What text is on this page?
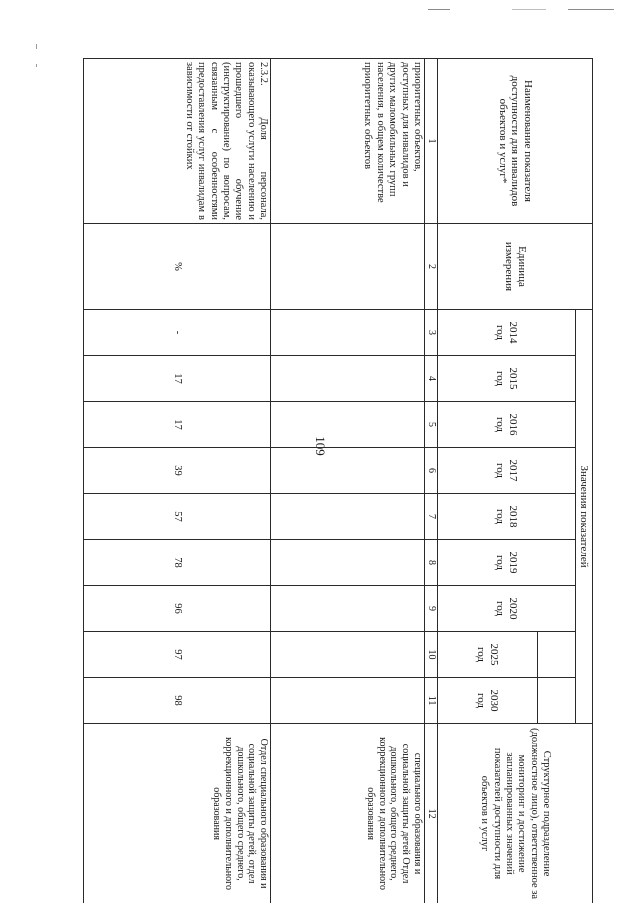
109
Наименование показателя доступности для инвалидов объектов и услуг*	Единица измерения	Значения показателей									Структурное подразделение (должностное лицо), ответственное за мониторинг и достижение запланированных значений показателей доступности для объектов и услуг
		2014 год	2015 год	2016 год	2017 год	2018 год	2019 год	2020 год			
									2025 год	2030 год	
1	2	3	4	5	6	7	8	9	10	11	12
приоритетных объектов, доступных для инвалидов и других маломобильных групп населения, в общем количестве приоритетных объектов											специального образования и социальной защиты детей Отдел дошкольного, общего среднего, коррекционного и дополнительного образования
2.3.2. Доля персонала, оказывающего услуги населению и прошедшего обучение (инструктирование) по вопросам, связанным с особенностями предоставления услуг инвалидам в зависимости от стойких	%	-	17	17	39	57	78	96	97	98	Отдел специального образования и социальной защиты детей, отдел дошкольного, общего среднего, коррекционного и дополнительного образования
